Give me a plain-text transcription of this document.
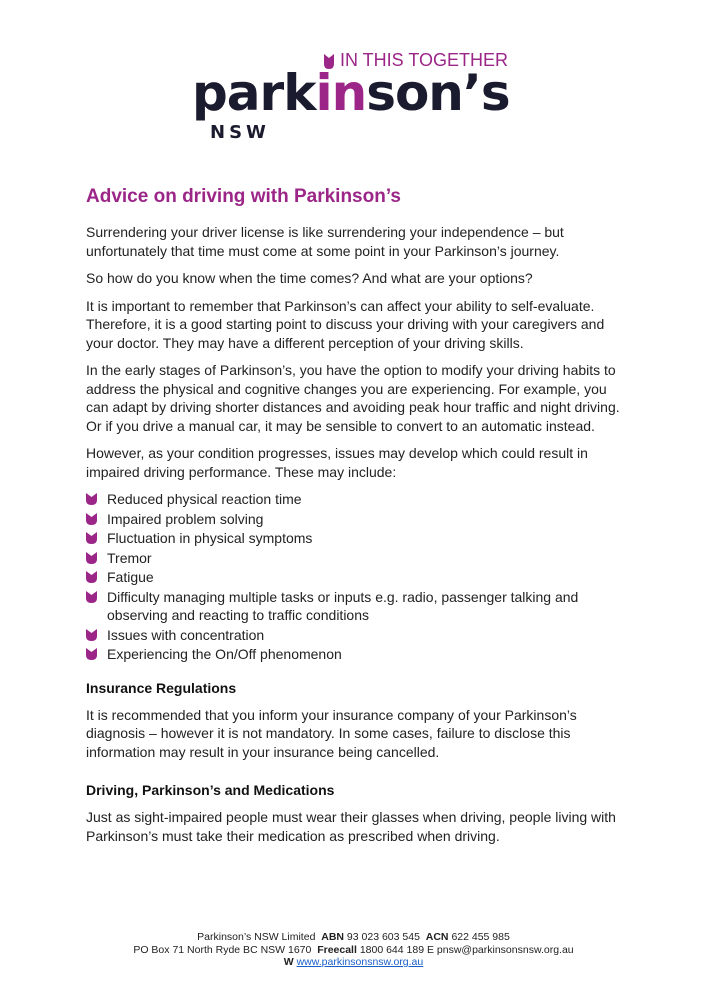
IN THIS TOGETHER
parkinson’s
NSW
Advice on driving with Parkinson’s

Surrendering your driver license is like surrendering your independence – but unfortunately that time must come at some point in your Parkinson’s journey.

So how do you know when the time comes? And what are your options?

It is important to remember that Parkinson’s can affect your ability to self-evaluate. Therefore, it is a good starting point to discuss your driving with your caregivers and your doctor. They may have a different perception of your driving skills.

In the early stages of Parkinson’s, you have the option to modify your driving habits to address the physical and cognitive changes you are experiencing. For example, you can adapt by driving shorter distances and avoiding peak hour traffic and night driving. Or if you drive a manual car, it may be sensible to convert to an automatic instead.

However, as your condition progresses, issues may develop which could result in impaired driving performance. These may include:

Reduced physical reaction time
Impaired problem solving
Fluctuation in physical symptoms
Tremor
Fatigue
Difficulty managing multiple tasks or inputs e.g. radio, passenger talking and observing and reacting to traffic conditions
Issues with concentration
Experiencing the On/Off phenomenon
Insurance Regulations

It is recommended that you inform your insurance company of your Parkinson’s diagnosis – however it is not mandatory. In some cases, failure to disclose this information may result in your insurance being cancelled.

Driving, Parkinson’s and Medications

Just as sight-impaired people must wear their glasses when driving, people living with Parkinson’s must take their medication as prescribed when driving.

Parkinson’s NSW Limited ABN 93 023 603 545 ACN 622 455 985
PO Box 71 North Ryde BC NSW 1670 Freecall 1800 644 189 E pnsw@parkinsonsnsw.org.au
W www.parkinsonsnsw.org.au
